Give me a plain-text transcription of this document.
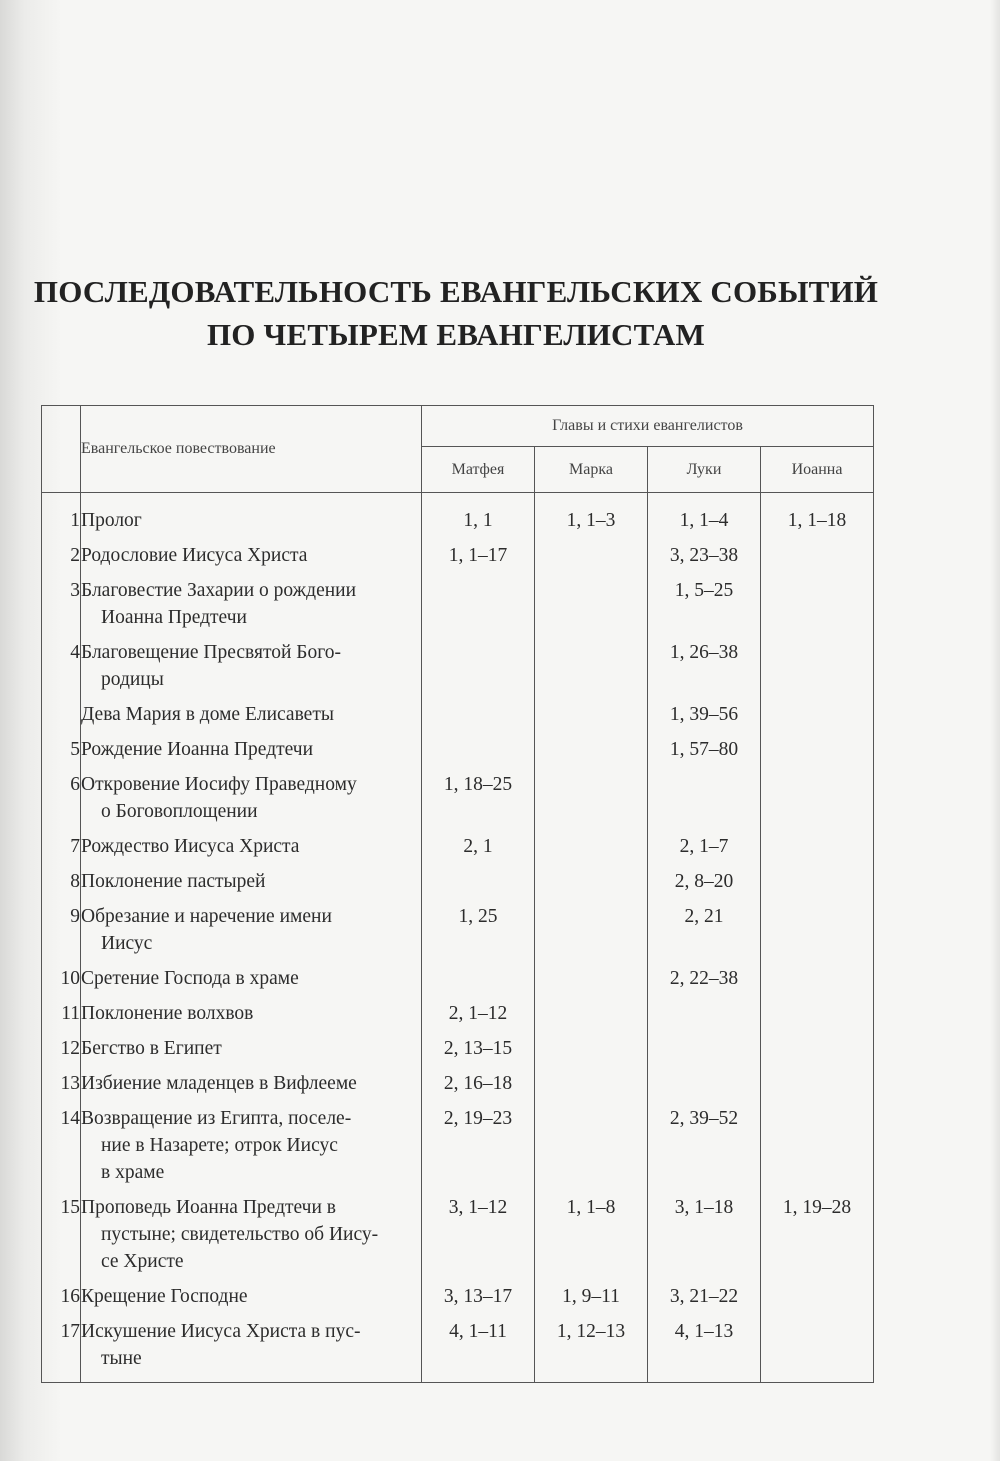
ПОСЛЕДОВАТЕЛЬНОСТЬ ЕВАНГЕЛЬСКИХ СОБЫТИЙ
ПО ЧЕТЫРЕМ ЕВАНГЕЛИСТАМ
	Евангельское повествование	Главы и стихи евангелистов			
		Матфея	Марка	Луки	Иоанна
1	Пролог	1, 1	1, 1–3	1, 1–4	1, 1–18
2	Родословие Иисуса Христа	1, 1–17		3, 23–38	
3	Благовестие Захарии о рождении
Иоанна Предтечи			1, 5–25	
4	Благовещение Пресвятой Бого-
родицы			1, 26–38	

	Дева Мария в доме Елисаветы			1, 39–56	
5	Рождение Иоанна Предтечи			1, 57–80	
6	Откровение Иосифу Праведному
о Боговоплощении	1, 18–25			
7	Рождество Иисуса Христа	2, 1		2, 1–7	
8	Поклонение пастырей			2, 8–20	
9	Обрезание и наречение имени
Иисус	1, 25		2, 21	
10	Сретение Господа в храме			2, 22–38	
11	Поклонение волхвов	2, 1–12			
12	Бегство в Египет	2, 13–15			
13	Избиение младенцев в Вифлееме	2, 16–18			
14	Возвращение из Египта, поселе-
ние в Назарете; отрок Иисус
в храме	2, 19–23		2, 39–52	
15	Проповедь Иоанна Предтечи в
пустыне; свидетельство об Иису-
се Христе	3, 1–12	1, 1–8	3, 1–18	1, 19–28
16	Крещение Господне	3, 13–17	1, 9–11	3, 21–22	
17	Искушение Иисуса Христа в пус-
тыне	4, 1–11	1, 12–13	4, 1–13	
